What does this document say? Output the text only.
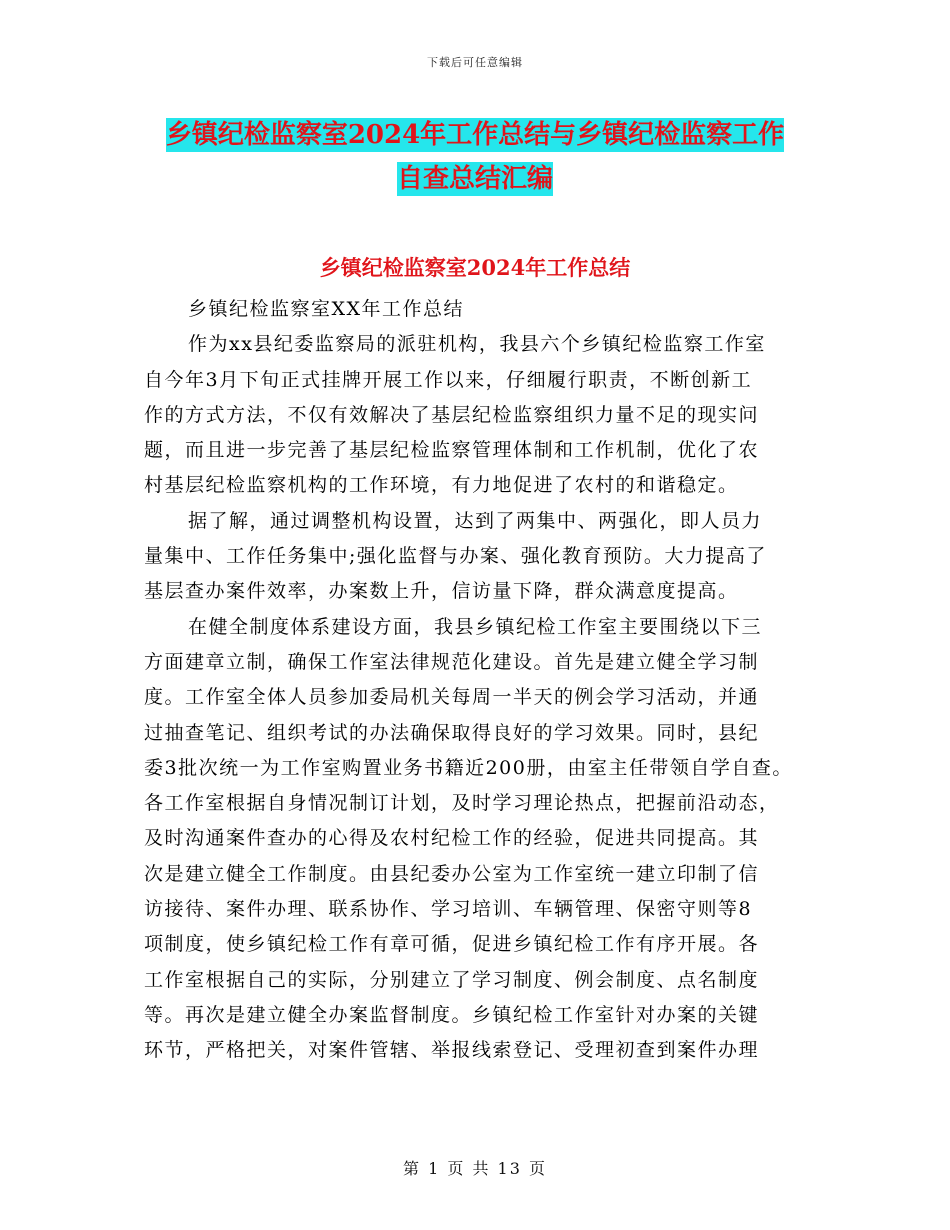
下载后可任意编辑
乡镇纪检监察室2024年工作总结与乡镇纪检监察工作
自查总结汇编
乡镇纪检监察室2024年工作总结
乡镇纪检监察室XX年工作总结
作为xx县纪委监察局的派驻机构，我县六个乡镇纪检监察工作室
自今年3月下旬正式挂牌开展工作以来，仔细履行职责，不断创新工
作的方式方法，不仅有效解决了基层纪检监察组织力量不足的现实问
题，而且进一步完善了基层纪检监察管理体制和工作机制，优化了农
村基层纪检监察机构的工作环境，有力地促进了农村的和谐稳定。
据了解，通过调整机构设置，达到了两集中、两强化，即人员力
量集中、工作任务集中;强化监督与办案、强化教育预防。大力提高了
基层查办案件效率，办案数上升，信访量下降，群众满意度提高。
在健全制度体系建设方面，我县乡镇纪检工作室主要围绕以下三
方面建章立制，确保工作室法律规范化建设。首先是建立健全学习制
度。工作室全体人员参加委局机关每周一半天的例会学习活动，并通
过抽查笔记、组织考试的办法确保取得良好的学习效果。同时，县纪
委3批次统一为工作室购置业务书籍近200册，由室主任带领自学自查。
各工作室根据自身情况制订计划，及时学习理论热点，把握前沿动态，
及时沟通案件查办的心得及农村纪检工作的经验，促进共同提高。其
次是建立健全工作制度。由县纪委办公室为工作室统一建立印制了信
访接待、案件办理、联系协作、学习培训、车辆管理、保密守则等8
项制度，使乡镇纪检工作有章可循，促进乡镇纪检工作有序开展。各
工作室根据自己的实际，分别建立了学习制度、例会制度、点名制度
等。再次是建立健全办案监督制度。乡镇纪检工作室针对办案的关键
环节，严格把关，对案件管辖、举报线索登记、受理初查到案件办理
第 1 页 共 13 页
